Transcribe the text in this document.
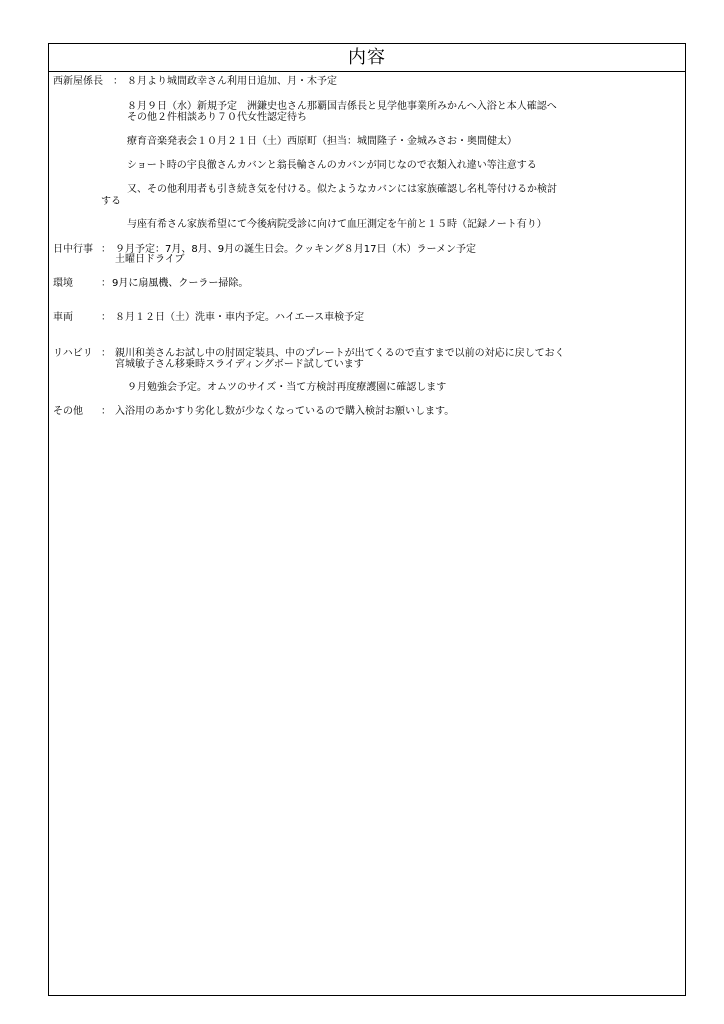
内容
西新屋係長 ： ８月より城間政幸さん利用日追加、月・木予定
８月９日（水）新規予定　洲鎌史也さん那覇国吉係長と見学他事業所みかんへ入浴と本人確認へ
その他２件相談あり７０代女性認定待ち
療育音楽発表会１０月２１日（土）西原町（担当：城間隆子・金城みさお・奥間健太）
ショート時の宇良徹さんカバンと翁長輪さんのカバンが同じなので衣類入れ違い等注意する
又、その他利用者も引き続き気を付ける。似たようなカバンには家族確認し名札等付けるか検討
する
与座有希さん家族希望にて今後病院受診に向けて血圧測定を午前と１５時（記録ノート有り）
日中行事 ： ９月予定：7月、8月、9月の誕生日会。クッキング８月17日（木）ラーメン予定
土曜日ドライブ
環境	： 9月に扇風機、クーラー掃除。
車両	： ８月１２日（土）洗車・車内予定。ハイエース車検予定
リハビリ ： 親川和美さんお試し中の肘固定装具、中のプレートが出てくるので直すまで以前の対応に戻しておく
宮城敏子さん移乗時スライディングボード試しています
９月勉強会予定。オムツのサイズ・当て方検討再度療護園に確認します
その他 ： 入浴用のあかすり劣化し数が少なくなっているので購入検討お願いします。
